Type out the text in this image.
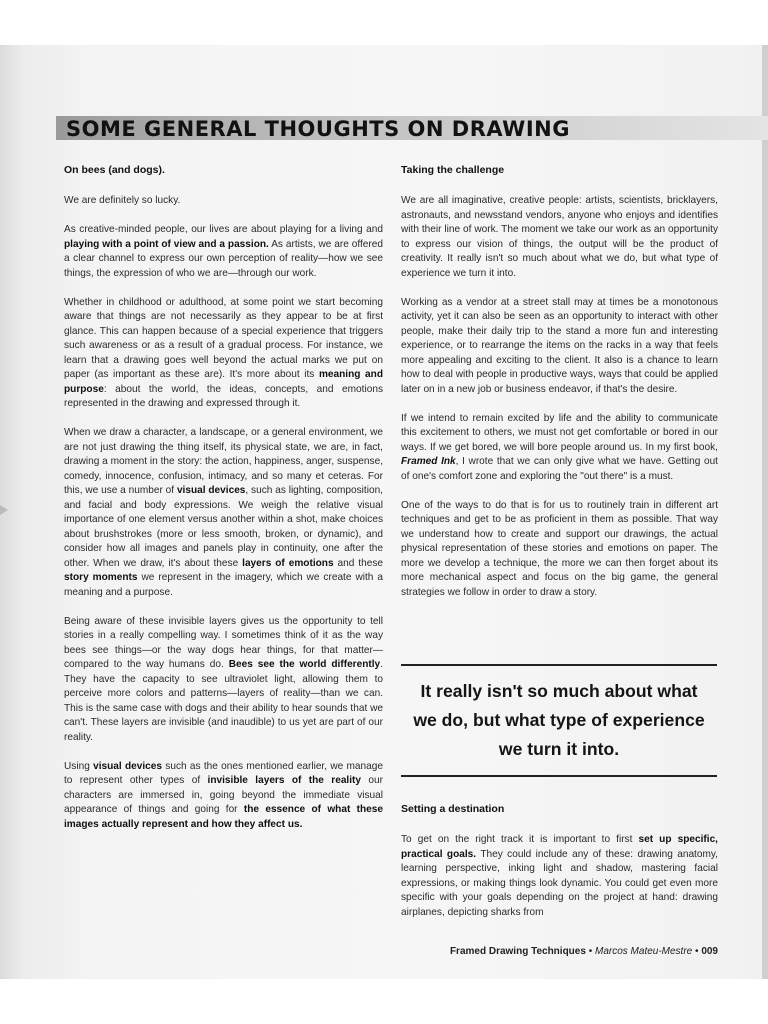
SOME GENERAL THOUGHTS ON DRAWING
On bees (and dogs).

We are definitely so lucky.

As creative-minded people, our lives are about playing for a living and playing with a point of view and a passion. As artists, we are offered a clear channel to express our own perception of reality—how we see things, the expression of who we are—through our work.

Whether in childhood or adulthood, at some point we start becoming aware that things are not necessarily as they appear to be at first glance. This can happen because of a special experience that triggers such awareness or as a result of a gradual process. For instance, we learn that a drawing goes well beyond the actual marks we put on paper (as important as these are). It's more about its meaning and purpose: about the world, the ideas, concepts, and emotions represented in the drawing and expressed through it.

When we draw a character, a landscape, or a general environment, we are not just drawing the thing itself, its physical state, we are, in fact, drawing a moment in the story: the action, happiness, anger, suspense, comedy, innocence, confusion, intimacy, and so many et ceteras. For this, we use a number of visual devices, such as lighting, composition, and facial and body expressions. We weigh the relative visual importance of one element versus another within a shot, make choices about brushstrokes (more or less smooth, broken, or dynamic), and consider how all images and panels play in continuity, one after the other. When we draw, it's about these layers of emotions and these story moments we represent in the imagery, which we create with a meaning and a purpose.

Being aware of these invisible layers gives us the opportunity to tell stories in a really compelling way. I sometimes think of it as the way bees see things—or the way dogs hear things, for that matter—compared to the way humans do. Bees see the world differently. They have the capacity to see ultraviolet light, allowing them to perceive more colors and patterns—layers of reality—than we can. This is the same case with dogs and their ability to hear sounds that we can't. These layers are invisible (and inaudible) to us yet are part of our reality.

Using visual devices such as the ones mentioned earlier, we manage to represent other types of invisible layers of the reality our characters are immersed in, going beyond the immediate visual appearance of things and going for the essence of what these images actually represent and how they affect us.

Taking the challenge

We are all imaginative, creative people: artists, scientists, bricklayers, astronauts, and newsstand vendors, anyone who enjoys and identifies with their line of work. The moment we take our work as an opportunity to express our vision of things, the output will be the product of creativity. It really isn't so much about what we do, but what type of experience we turn it into.

Working as a vendor at a street stall may at times be a monotonous activity, yet it can also be seen as an opportunity to interact with other people, make their daily trip to the stand a more fun and interesting experience, or to rearrange the items on the racks in a way that feels more appealing and exciting to the client. It also is a chance to learn how to deal with people in productive ways, ways that could be applied later on in a new job or business endeavor, if that's the desire.

If we intend to remain excited by life and the ability to communicate this excitement to others, we must not get comfortable or bored in our ways. If we get bored, we will bore people around us. In my first book, Framed Ink, I wrote that we can only give what we have. Getting out of one's comfort zone and exploring the "out there" is a must.

One of the ways to do that is for us to routinely train in different art techniques and get to be as proficient in them as possible. That way we understand how to create and support our drawings, the actual physical representation of these stories and emotions on paper. The more we develop a technique, the more we can then forget about its more mechanical aspect and focus on the big game, the general strategies we follow in order to draw a story.

It really isn't so much about what we do, but what type of experience we turn it into.
Setting a destination

To get on the right track it is important to first set up specific, practical goals. They could include any of these: drawing anatomy, learning perspective, inking light and shadow, mastering facial expressions, or making things look dynamic. You could get even more specific with your goals depending on the project at hand: drawing airplanes, depicting sharks from

Framed Drawing Techniques • Marcos Mateu-Mestre • 009
